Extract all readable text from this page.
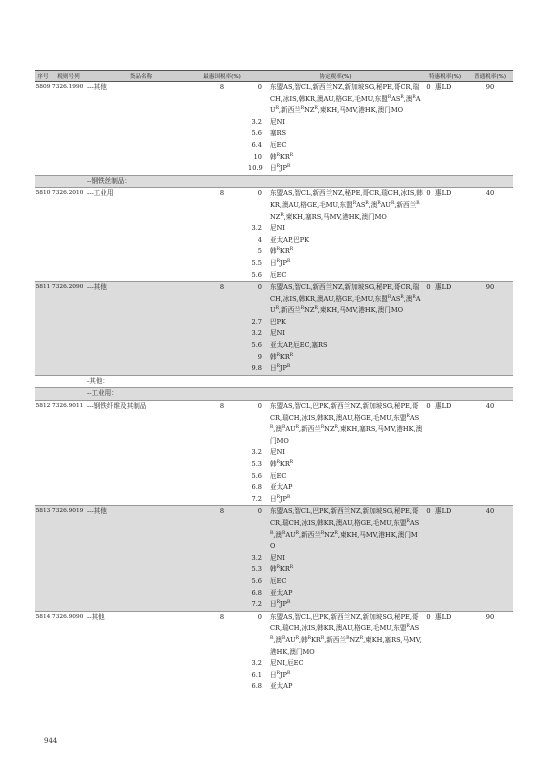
序号	税则号列	货品名称	最惠国税率(%)	协定税率(%)		特惠税率(%)		普通税率(%)
5809	7326.1990	---其他	8	0	东盟AS,智CL,新西兰NZ,新加坡SG,秘PE,哥CR,瑞CH,冰IS,韩KR,澳AU,格GE,毛MU,东盟$^RAS^R$,澳$^RAU^R$,新西兰$^RNZ^R$,柬KH,马MV,港HK,澳门MO	0	惠LD	90
				3.2	尼NI			
				5.6	塞RS			
				6.4	厄EC			
				10	韩$^RKR^R$
				10.9	日$^RJP^R$
		--钢铁丝制品：						
5810	7326.2010	---工业用	8	0	东盟AS,智CL,新西兰NZ,秘PE,哥CR,瑞CH,冰IS,韩KR,澳AU,格GE,毛MU,东盟$^RAS^R$,澳$^RAU^R$,新西兰$^RNZ^R$,柬KH,塞RS,马MV,港HK,澳门MO	0	惠LD	40
				3.2	尼NI			
				4	亚太AP,巴PK			
				5	韩$^RKR^R$
				5.5	日$^RJP^R$
				5.6	厄EC			
5811	7326.2090	---其他	8	0	东盟AS,智CL,新西兰NZ,新加坡SG,秘PE,哥CR,瑞CH,冰IS,韩KR,澳AU,格GE,毛MU,东盟$^RAS^R$,澳$^RAU^R$,新西兰$^RNZ^R$,柬KH,马MV,港HK,澳门MO	0	惠LD	90
				2.7	巴PK			
				3.2	尼NI			
				5.6	亚太AP,厄EC,塞RS			
				9	韩$^RKR^R$
				9.8	日$^RJP^R$
		-其他：						
		--工业用：						
5812	7326.9011	---钢铁纤维及其制品	8	0	东盟AS,智CL,巴PK,新西兰NZ,新加坡SG,秘PE,哥CR,瑞CH,冰IS,韩KR,澳AU,格GE,毛MU,东盟$^RAS^R$,澳$^RAU^R$,新西兰$^RNZ^R$,柬KH,塞RS,马MV,港HK,澳门MO	0	惠LD	40
				3.2	尼NI			
				5.3	韩$^RKR^R$
				5.6	厄EC			
				6.8	亚太AP			
				7.2	日$^RJP^R$
5813	7326.9019	---其他	8	0	东盟AS,智CL,巴PK,新西兰NZ,新加坡SG,秘PE,哥CR,瑞CH,冰IS,韩KR,澳AU,格GE,毛MU,东盟$^RAS^R$,澳$^RAU^R$,新西兰$^RNZ^R$,柬KH,马MV,港HK,澳门MO	0	惠LD	40
				3.2	尼NI			
				5.3	韩$^RKR^R$
				5.6	厄EC			
				6.8	亚太AP			
				7.2	日$^RJP^R$
5814	7326.9090	--其他	8	0	东盟AS,智CL,巴PK,新西兰NZ,新加坡SG,秘PE,哥CR,瑞CH,冰IS,韩KR,澳AU,格GE,毛MU,东盟$^RAS^R$,澳$^RAU^R$,韩$^RKR^R$,新西兰$^RNZ^R$,柬KH,塞RS,马MV,港HK,澳门MO	0	惠LD	90
				3.2	尼NI,厄EC			
				6.1	日$^RJP^R$
				6.8	亚太AP			
944
